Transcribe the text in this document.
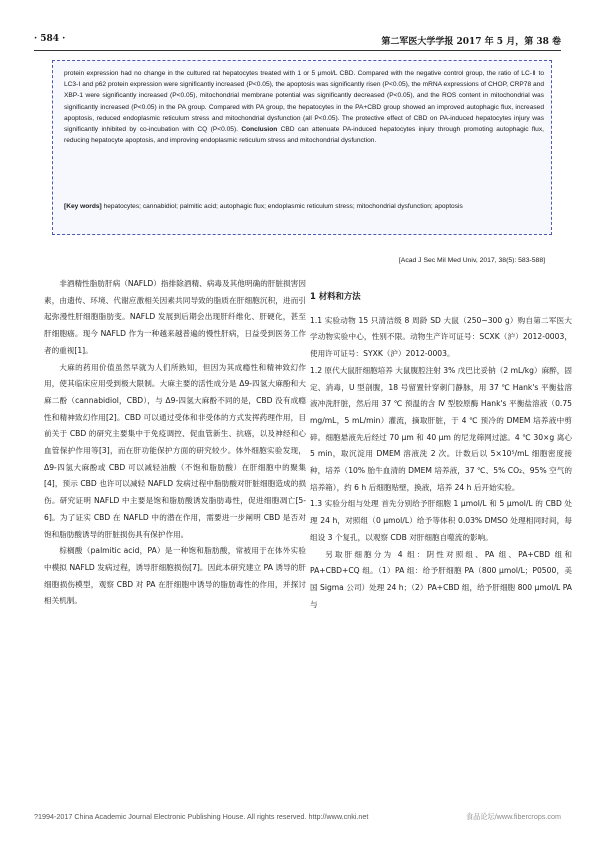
· 584 ·	第二军医大学学报 2017 年 5 月，第 38 卷
protein expression had no change in the cultured rat hepatocytes treated with 1 or 5 μmol/L CBD. Compared with the negative control group, the ratio of LC-Ⅱ to LC3-Ⅰ and p62 protein expression were significantly increased (P<0.05), the apoptosis was significantly risen (P<0.05), the mRNA expressions of CHOP, CRP78 and XBP-1 were significantly increased (P<0.05), mitochondrial membrane potential was significantly decreased (P<0.05), and the ROS content in mitochondrial was significantly increased (P<0.05) in the PA group. Compared with PA group, the hepatocytes in the PA+CBD group showed an improved autophagic flux, increased apoptosis, reduced endoplasmic reticulum stress and mitochondrial dysfunction (all P<0.05). The protective effect of CBD on PA-induced hepatocytes injury was significantly inhibited by co-incubation with CQ (P<0.05). Conclusion CBD can attenuate PA-induced hepatocytes injury through promoting autophagic flux, reducing hepatocyte apoptosis, and improving endoplasmic reticulum stress and mitochondrial dysfunction.
[Key words] hepatocytes; cannabidiol; palmitic acid; autophagic flux; endoplasmic reticulum stress; mitochondrial dysfunction; apoptosis
[Acad J Sec Mil Med Univ, 2017, 38(5): 583-588]

非酒精性脂肪肝病（NAFLD）指排除酒精、病毒及其他明确的肝脏损害因素，由遗传、环境、代谢应激相关因素共同导致的脂质在肝细胞沉积，进而引起弥漫性肝细胞脂肪变。NAFLD 发展到后期会出现肝纤维化、肝硬化，甚至肝细胞癌。现今 NAFLD 作为一种越来越普遍的慢性肝病，日益受到医务工作者的重视[1]。

大麻的药用价值虽然早就为人们所熟知，但因为其成瘾性和精神致幻作用，使其临床应用受到极大限制。大麻主要的活性成分是 Δ9-四氢大麻酚和大麻二酚（cannabidiol，CBD），与 Δ9-四氢大麻酚不同的是，CBD 没有成瘾性和精神致幻作用[2]。CBD 可以通过受体和非受体的方式发挥药理作用，目前关于 CBD 的研究主要集中于免疫调控、促血管新生、抗癌，以及神经和心血管保护作用等[3]，而在肝功能保护方面的研究较少。体外细胞实验发现，Δ9-四氢大麻酚或 CBD 可以减轻油酸（不饱和脂肪酸）在肝细胞中的聚集[4]，预示 CBD 也许可以减轻 NAFLD 发病过程中脂肪酸对肝脏细胞造成的损伤。研究证明 NAFLD 中主要是饱和脂肪酸诱发脂肪毒性，促进细胞凋亡[5-6]。为了证实 CBD 在 NAFLD 中的潜在作用，需要进一步阐明 CBD 是否对饱和脂肪酸诱导的肝脏损伤具有保护作用。

棕榈酸（palmitic acid，PA）是一种饱和脂肪酸，常被用于在体外实验中模拟 NAFLD 发病过程，诱导肝细胞损伤[7]。因此本研究建立 PA 诱导的肝细胞损伤模型，观察 CBD 对 PA 在肝细胞中诱导的脂肪毒性的作用，并探讨相关机制。

1 材料和方法

1.1 实验动物 15 只清洁级 8 周龄 SD 大鼠（250~300 g）购自第二军医大学动物实验中心，性别不限。动物生产许可证号：SCXK（沪）2012-0003，使用许可证号：SYXK（沪）2012-0003。

1.2 原代大鼠肝细胞培养 大鼠腹腔注射 3% 戊巴比妥钠（2 mL/kg）麻醉，固定、消毒，U 型剖腹，18 号留置针穿刺门静脉，用 37 ℃ Hank's 平衡盐溶液冲洗肝脏，然后用 37 ℃ 预温的含 Ⅳ 型胶原酶 Hank's 平衡盐溶液（0.75 mg/mL，5 mL/min）灌流，摘取肝脏，于 4 ℃ 预冷的 DMEM 培养液中剪碎。细胞悬液先后经过 70 μm 和 40 μm 的尼龙筛网过滤。4 ℃ 30×g 离心 5 min，取沉淀用 DMEM 溶液洗 2 次。计数后以 5×10⁵/mL 细胞密度接种，培养（10% 胎牛血清的 DMEM 培养液，37 ℃、5% CO₂、95% 空气的培养箱），约 6 h 后细胞贴壁，换液，培养 24 h 后开始实验。

1.3 实验分组与处理 首先分别给予肝细胞 1 μmol/L 和 5 μmol/L 的 CBD 处理 24 h，对照组（0 μmol/L）给予等体积 0.03% DMSO 处理相同时间，每组设 3 个复孔，以观察 CDB 对肝细胞自噬流的影响。

另取肝细胞分为 4 组：阴性对照组、PA 组、PA+CBD 组和 PA+CBD+CQ 组。（1）PA 组：给予肝细胞 PA（800 μmol/L；P0500，美国 Sigma 公司）处理 24 h；（2）PA+CBD 组，给予肝细胞 800 μmol/L PA 与

?1994-2017 China Academic Journal Electronic Publishing House. All rights reserved. http://www.cnki.net	食品论坛/www.fibercrops.com
